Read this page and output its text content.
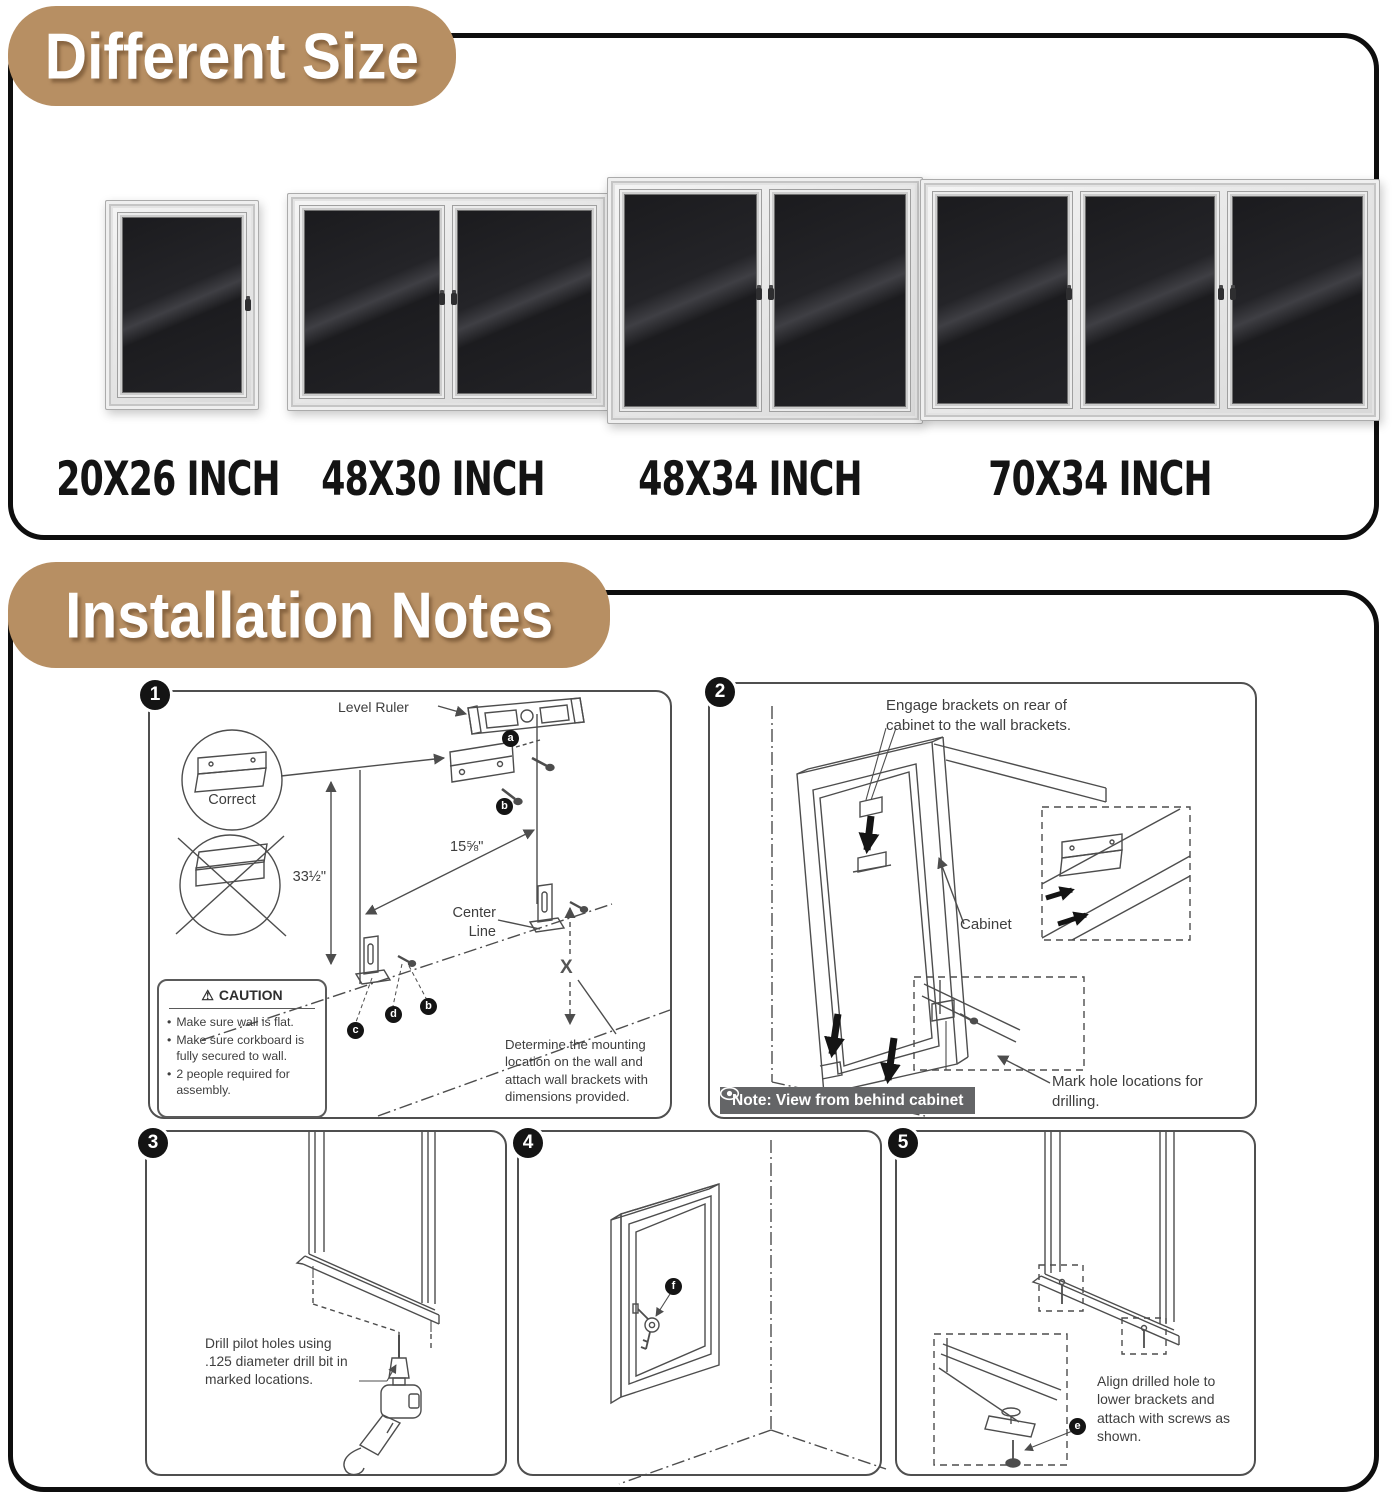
Different Size
20X26 INCH 48X30 INCH 48X34 INCH	70X34 INCH
Installation Notes
Level Ruler
Correct
33½"
15⅝"
Center
Line
X
a
b
b
d
c
⚠ CAUTION
• Make sure wall is flat.
• Make sure corkboard is fully secured to wall.
• 2 people required for assembly.
Determine the mounting location on the wall and attach wall brackets with dimensions provided.
1
Engage brackets on rear of cabinet to the wall brackets.
Cabinet
Mark hole locations for drilling.
Note: View from behind cabinet
2
Drill pilot holes using .125 diameter drill bit in marked locations.
3
f
4
e
Align drilled hole to lower brackets and attach with screws as shown.
5
